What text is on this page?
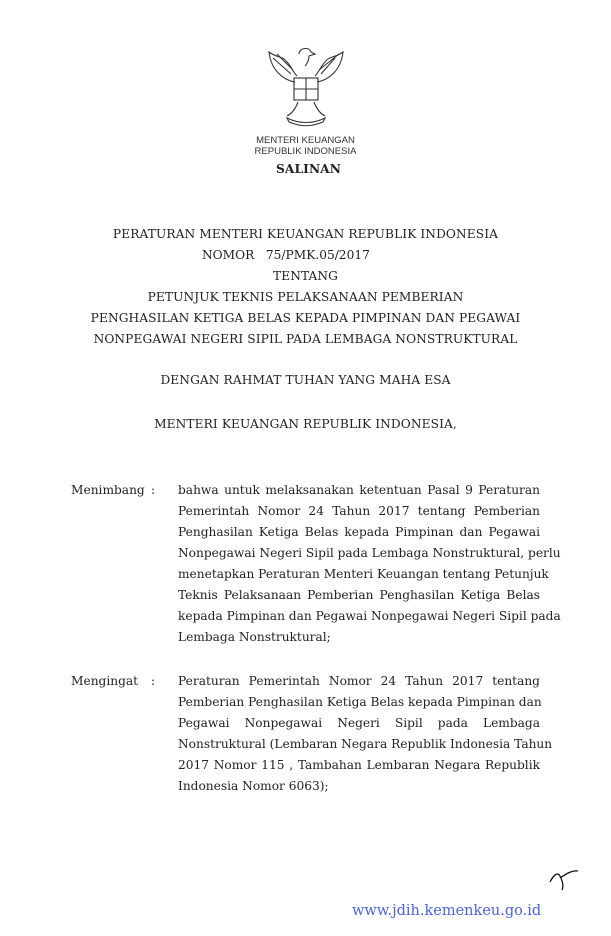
MENTERI KEUANGAN
REPUBLIK INDONESIA
SALINAN
PERATURAN MENTERI KEUANGAN REPUBLIK INDONESIA
NOMOR   75/PMK.05/2017
TENTANG
PETUNJUK TEKNIS PELAKSANAAN PEMBERIAN
PENGHASILAN KETIGA BELAS KEPADA PIMPINAN DAN PEGAWAI
NONPEGAWAI NEGERI SIPIL PADA LEMBAGA NONSTRUKTURAL
DENGAN RAHMAT TUHAN YANG MAHA ESA
MENTERI KEUANGAN REPUBLIK INDONESIA,
Menimbang : bahwa untuk melaksanakan ketentuan Pasal 9 Peraturan
Pemerintah Nomor 24 Tahun 2017 tentang Pemberian
Penghasilan Ketiga Belas kepada Pimpinan dan Pegawai
Nonpegawai Negeri Sipil pada Lembaga Nonstruktural, perlu
menetapkan Peraturan Menteri Keuangan tentang Petunjuk
Teknis Pelaksanaan Pemberian Penghasilan Ketiga Belas
kepada Pimpinan dan Pegawai Nonpegawai Negeri Sipil pada
Lembaga Nonstruktural;
Mengingat : Peraturan Pemerintah Nomor 24 Tahun 2017 tentang
Pemberian Penghasilan Ketiga Belas kepada Pimpinan dan
Pegawai Nonpegawai Negeri Sipil pada Lembaga
Nonstruktural (Lembaran Negara Republik Indonesia Tahun
2017 Nomor 115 , Tambahan Lembaran Negara Republik
Indonesia Nomor 6063);
www.jdih.kemenkeu.go.id
